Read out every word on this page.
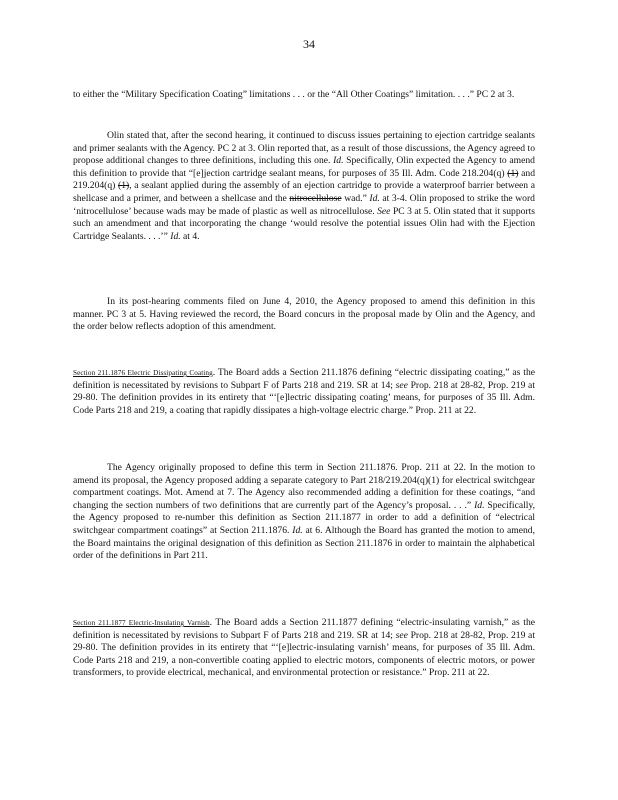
34

to either the “Military Specification Coating” limitations . . . or the “All Other Coatings” limitation. . . .” PC 2 at 3.

Olin stated that, after the second hearing, it continued to discuss issues pertaining to ejection cartridge sealants and primer sealants with the Agency. PC 2 at 3. Olin reported that, as a result of those discussions, the Agency agreed to propose additional changes to three definitions, including this one. Id. Specifically, Olin expected the Agency to amend this definition to provide that “[e]jection cartridge sealant means, for purposes of 35 Ill. Adm. Code 218.204(q) (1) and 219.204(q) (1), a sealant applied during the assembly of an ejection cartridge to provide a waterproof barrier between a shellcase and a primer, and between a shellcase and the nitrocellulose wad.” Id. at 3-4. Olin proposed to strike the word ‘nitrocellulose’ because wads may be made of plastic as well as nitrocellulose. See PC 3 at 5. Olin stated that it supports such an amendment and that incorporating the change ‘would resolve the potential issues Olin had with the Ejection Cartridge Sealants. . . .’” Id. at 4.

In its post-hearing comments filed on June 4, 2010, the Agency proposed to amend this definition in this manner. PC 3 at 5. Having reviewed the record, the Board concurs in the proposal made by Olin and the Agency, and the order below reflects adoption of this amendment.

Section 211.1876 Electric Dissipating Coating. The Board adds a Section 211.1876 defining “electric dissipating coating,” as the definition is necessitated by revisions to Subpart F of Parts 218 and 219. SR at 14; see Prop. 218 at 28-82, Prop. 219 at 29-80. The definition provides in its entirety that “‘[e]lectric dissipating coating’ means, for purposes of 35 Ill. Adm. Code Parts 218 and 219, a coating that rapidly dissipates a high-voltage electric charge.” Prop. 211 at 22.

The Agency originally proposed to define this term in Section 211.1876. Prop. 211 at 22. In the motion to amend its proposal, the Agency proposed adding a separate category to Part 218/219.204(q)(1) for electrical switchgear compartment coatings. Mot. Amend at 7. The Agency also recommended adding a definition for these coatings, “and changing the section numbers of two definitions that are currently part of the Agency’s proposal. . . .” Id. Specifically, the Agency proposed to re-number this definition as Section 211.1877 in order to add a definition of “electrical switchgear compartment coatings” at Section 211.1876. Id. at 6. Although the Board has granted the motion to amend, the Board maintains the original designation of this definition as Section 211.1876 in order to maintain the alphabetical order of the definitions in Part 211.

Section 211.1877 Electric-Insulating Varnish. The Board adds a Section 211.1877 defining “electric-insulating varnish,” as the definition is necessitated by revisions to Subpart F of Parts 218 and 219. SR at 14; see Prop. 218 at 28-82, Prop. 219 at 29-80. The definition provides in its entirety that “‘[e]lectric-insulating varnish’ means, for purposes of 35 Ill. Adm. Code Parts 218 and 219, a non-convertible coating applied to electric motors, components of electric motors, or power transformers, to provide electrical, mechanical, and environmental protection or resistance.” Prop. 211 at 22.
